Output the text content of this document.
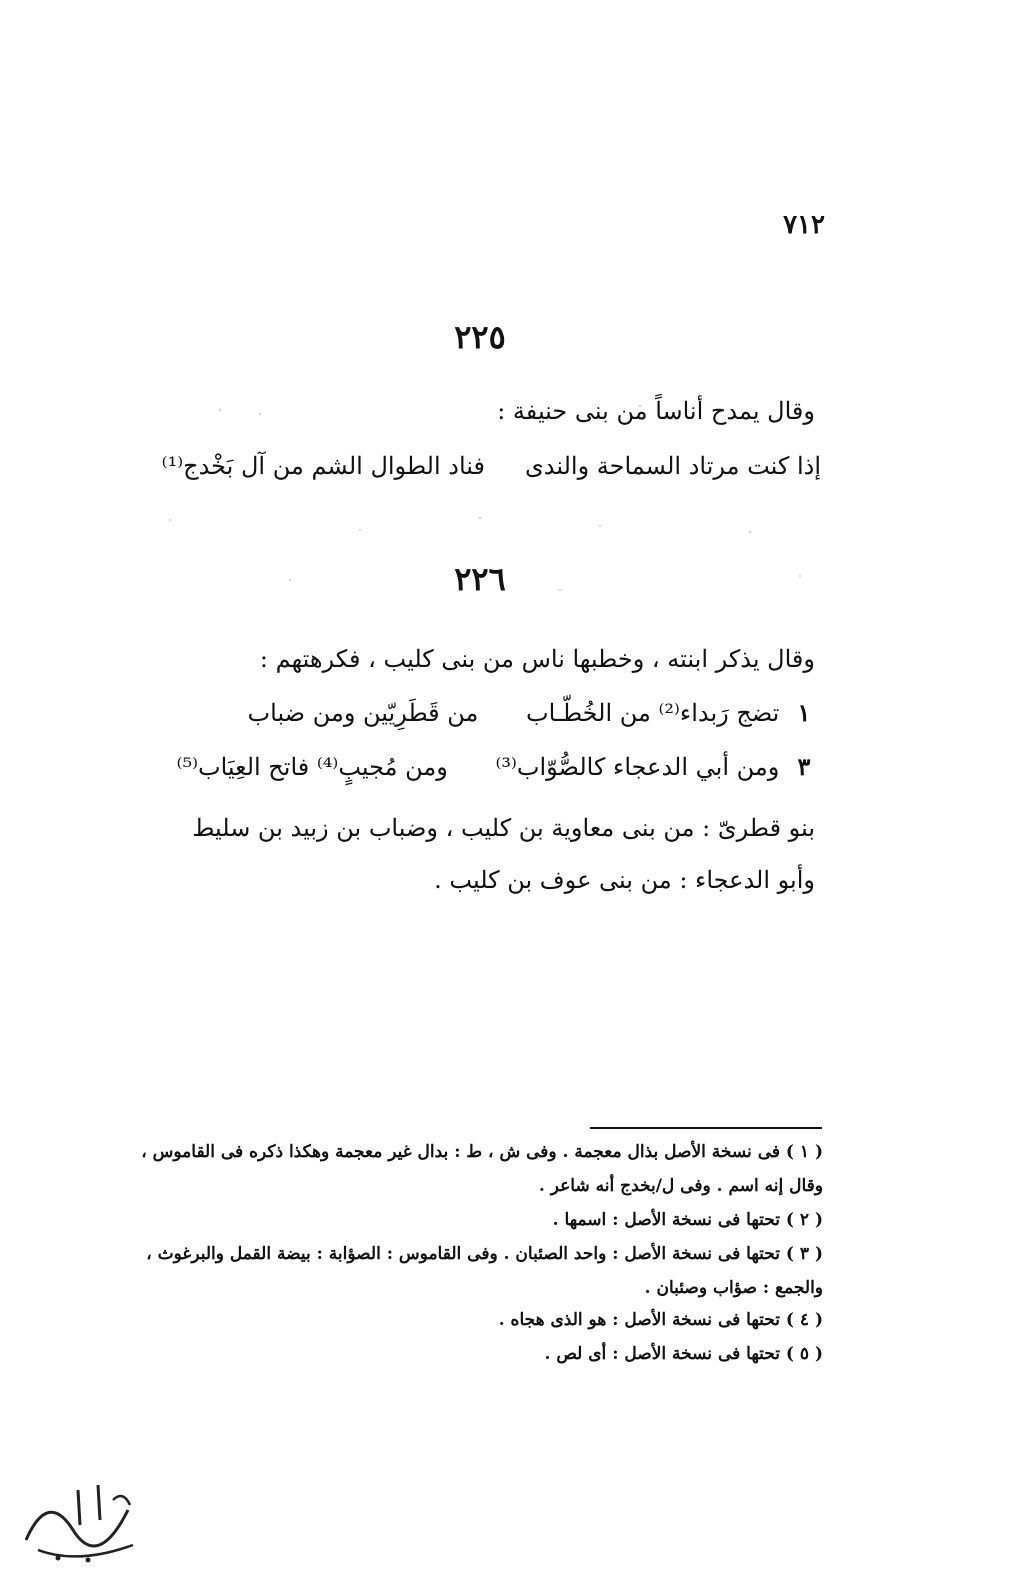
٧١٢
٢٢٥
وقال يمدح أناساً من بنى حنيفة :
إذا كنت مرتاد السماحة والندىفناد الطوال الشم من آل بَخْدج⁽¹⁾
٢٢٦
وقال يذكر ابنته ، وخطبها ناس من بنى كليب ، فكرهتهم :
١ تضج رَبداء⁽²⁾ من الخُطّـاب من قَطَرِيّين ومن ضباب
٣ ومن أبي الدعجاء كالصُّوّاب⁽³⁾ ومن مُجيبٍ⁽⁴⁾ فاتح العِيَاب⁽⁵⁾
بنو قطرىّ : من بنى معاوية بن كليب ، وضباب بن زبيد بن سليط
وأبو الدعجاء : من بنى عوف بن كليب .
( ١ ) فى نسخة الأصل بذال معجمة . وفى ش ، ط : بدال غير معجمة وهكذا ذكره فى القاموس ،
وقال إنه اسم . وفى ل/بخدج أنه شاعر .
( ٢ ) تحتها فى نسخة الأصل : اسمها .
( ٣ ) تحتها فى نسخة الأصل : واحد الصئبان . وفى القاموس : الصؤابة : بيضة القمل والبرغوث ،
والجمع : صؤاب وصئبان .
( ٤ ) تحتها فى نسخة الأصل : هو الذى هجاه .
( ٥ ) تحتها فى نسخة الأصل : أى لص .
